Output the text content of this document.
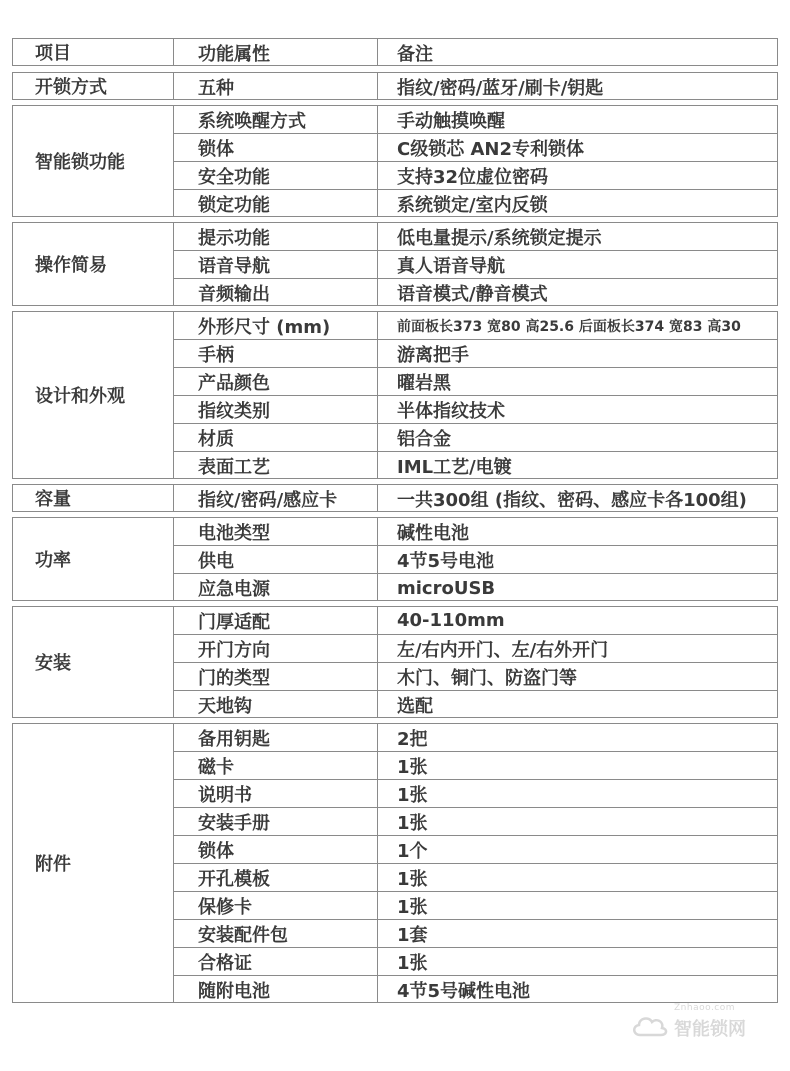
项目	功能属性	备注
开锁方式	五种	指纹/密码/蓝牙/刷卡/钥匙
智能锁功能
系统唤醒方式	手动触摸唤醒
锁体	C级锁芯 AN2专利锁体
安全功能	支持32位虚位密码
锁定功能	系统锁定/室内反锁
操作简易
提示功能	低电量提示/系统锁定提示
语音导航	真人语音导航
音频输出	语音模式/静音模式
设计和外观
外形尺寸 (mm)	前面板长373 宽80 高25.6 后面板长374 宽83 高30
手柄	游离把手
产品颜色	曜岩黑
指纹类别	半体指纹技术
材质	铝合金
表面工艺	IML工艺/电镀
容量	指纹/密码/感应卡	一共300组 (指纹、密码、感应卡各100组)
功率
电池类型	碱性电池
供电	4节5号电池
应急电源	microUSB
安装
门厚适配	40-110mm
开门方向	左/右内开门、左/右外开门
门的类型	木门、铜门、防盗门等
天地钩	选配
附件
备用钥匙	2把
磁卡	1张
说明书	1张
安装手册	1张
锁体	1个
开孔模板	1张
保修卡	1张
安装配件包	1套
合格证	1张
随附电池	4节5号碱性电池
Znhaoo.com
智能锁网
